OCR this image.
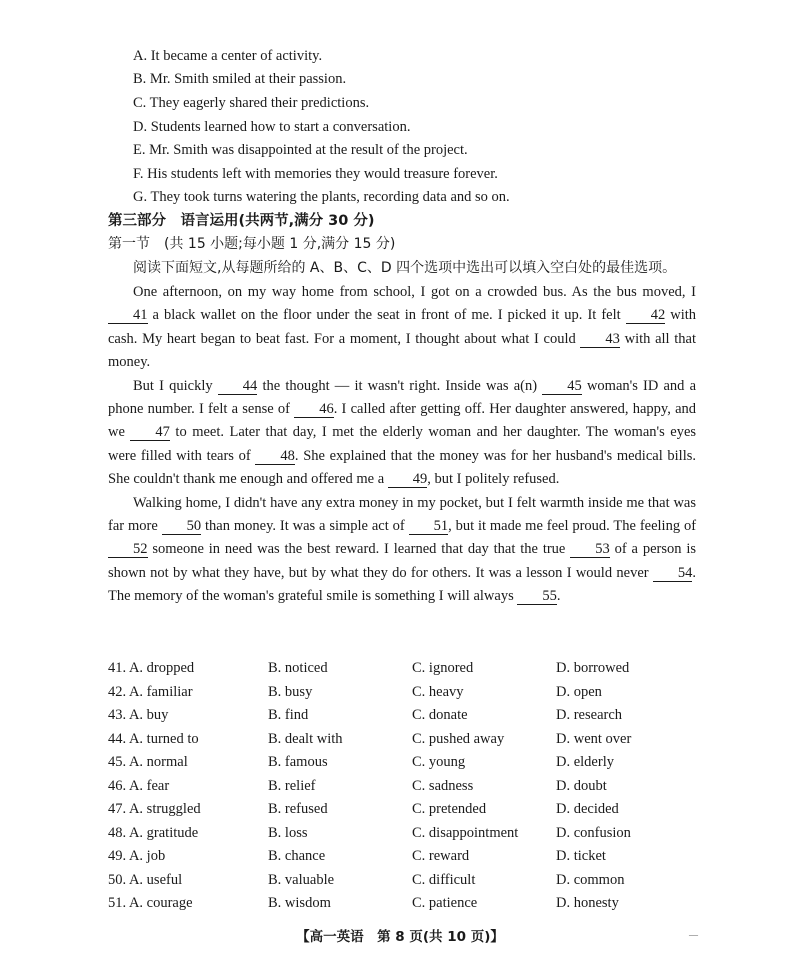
A. It became a center of activity.
B. Mr. Smith smiled at their passion.
C. They eagerly shared their predictions.
D. Students learned how to start a conversation.
E. Mr. Smith was disappointed at the result of the project.
F. His students left with memories they would treasure forever.
G. They took turns watering the plants, recording data and so on.
第三部分　语言运用(共两节,满分 30 分)
第一节　(共 15 小题;每小题 1 分,满分 15 分)
阅读下面短文,从每题所给的 A、B、C、D 四个选项中选出可以填入空白处的最佳选项。

One afternoon, on my way home from school, I got on a crowded bus. As the bus moved, I 41 a black wallet on the floor under the seat in front of me. I picked it up. It felt 42 with cash. My heart began to beat fast. For a moment, I thought about what I could 43 with all that money.

But I quickly 44 the thought — it wasn't right. Inside was a(n) 45 woman's ID and a phone number. I felt a sense of 46. I called after getting off. Her daughter answered, happy, and we 47 to meet. Later that day, I met the elderly woman and her daughter. The woman's eyes were filled with tears of 48. She explained that the money was for her husband's medical bills. She couldn't thank me enough and offered me a 49, but I politely refused.

Walking home, I didn't have any extra money in my pocket, but I felt warmth inside me that was far more 50 than money. It was a simple act of 51, but it made me feel proud. The feeling of 52 someone in need was the best reward. I learned that day that the true 53 of a person is shown not by what they have, but by what they do for others. It was a lesson I would never 54. The memory of the woman's grateful smile is something I will always 55.

41. A. dropped	B. noticed	C. ignored	D. borrowed
42. A. familiar	B. busy	C. heavy	D. open
43. A. buy	B. find	C. donate	D. research
44. A. turned to	B. dealt with	C. pushed away	D. went over
45. A. normal	B. famous	C. young	D. elderly
46. A. fear	B. relief	C. sadness	D. doubt
47. A. struggled	B. refused	C. pretended	D. decided
48. A. gratitude	B. loss	C. disappointment	D. confusion
49. A. job	B. chance	C. reward	D. ticket
50. A. useful	B. valuable	C. difficult	D. common
51. A. courage	B. wisdom	C. patience	D. honesty
【高一英语　第 8 页(共 10 页)】	—
